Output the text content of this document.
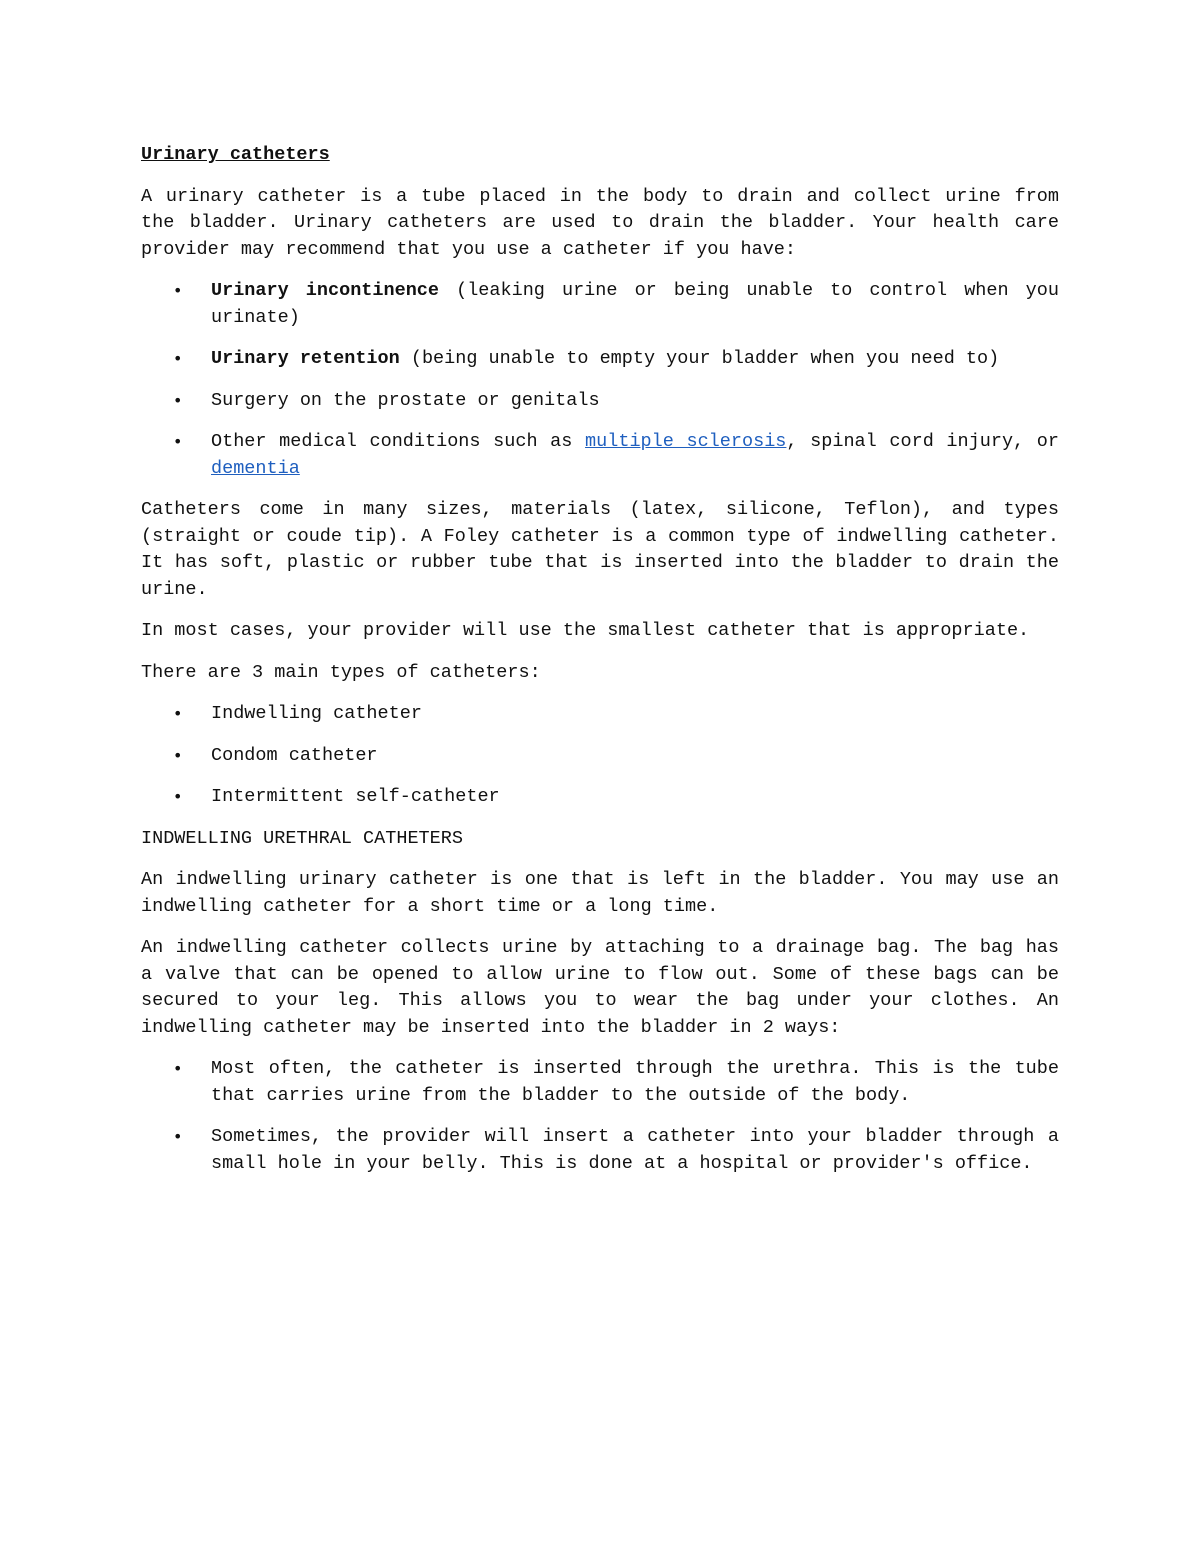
Urinary catheters

A urinary catheter is a tube placed in the body to drain and collect urine from the bladder. Urinary catheters are used to drain the bladder. Your health care provider may recommend that you use a catheter if you have:

• Urinary incontinence (leaking urine or being unable to control when you urinate)
• Urinary retention (being unable to empty your bladder when you need to)
• Surgery on the prostate or genitals
• Other medical conditions such as multiple sclerosis, spinal cord injury, or dementia

Catheters come in many sizes, materials (latex, silicone, Teflon), and types (straight or coude tip). A Foley catheter is a common type of indwelling catheter. It has soft, plastic or rubber tube that is inserted into the bladder to drain the urine.

In most cases, your provider will use the smallest catheter that is appropriate.

There are 3 main types of catheters:

• Indwelling catheter
• Condom catheter
• Intermittent self-catheter
INDWELLING URETHRAL CATHETERS

An indwelling urinary catheter is one that is left in the bladder. You may use an indwelling catheter for a short time or a long time.

An indwelling catheter collects urine by attaching to a drainage bag. The bag has a valve that can be opened to allow urine to flow out. Some of these bags can be secured to your leg. This allows you to wear the bag under your clothes. An indwelling catheter may be inserted into the bladder in 2 ways:

• Most often, the catheter is inserted through the urethra. This is the tube that carries urine from the bladder to the outside of the body.
• Sometimes, the provider will insert a catheter into your bladder through a small hole in your belly. This is done at a hospital or provider's office.
